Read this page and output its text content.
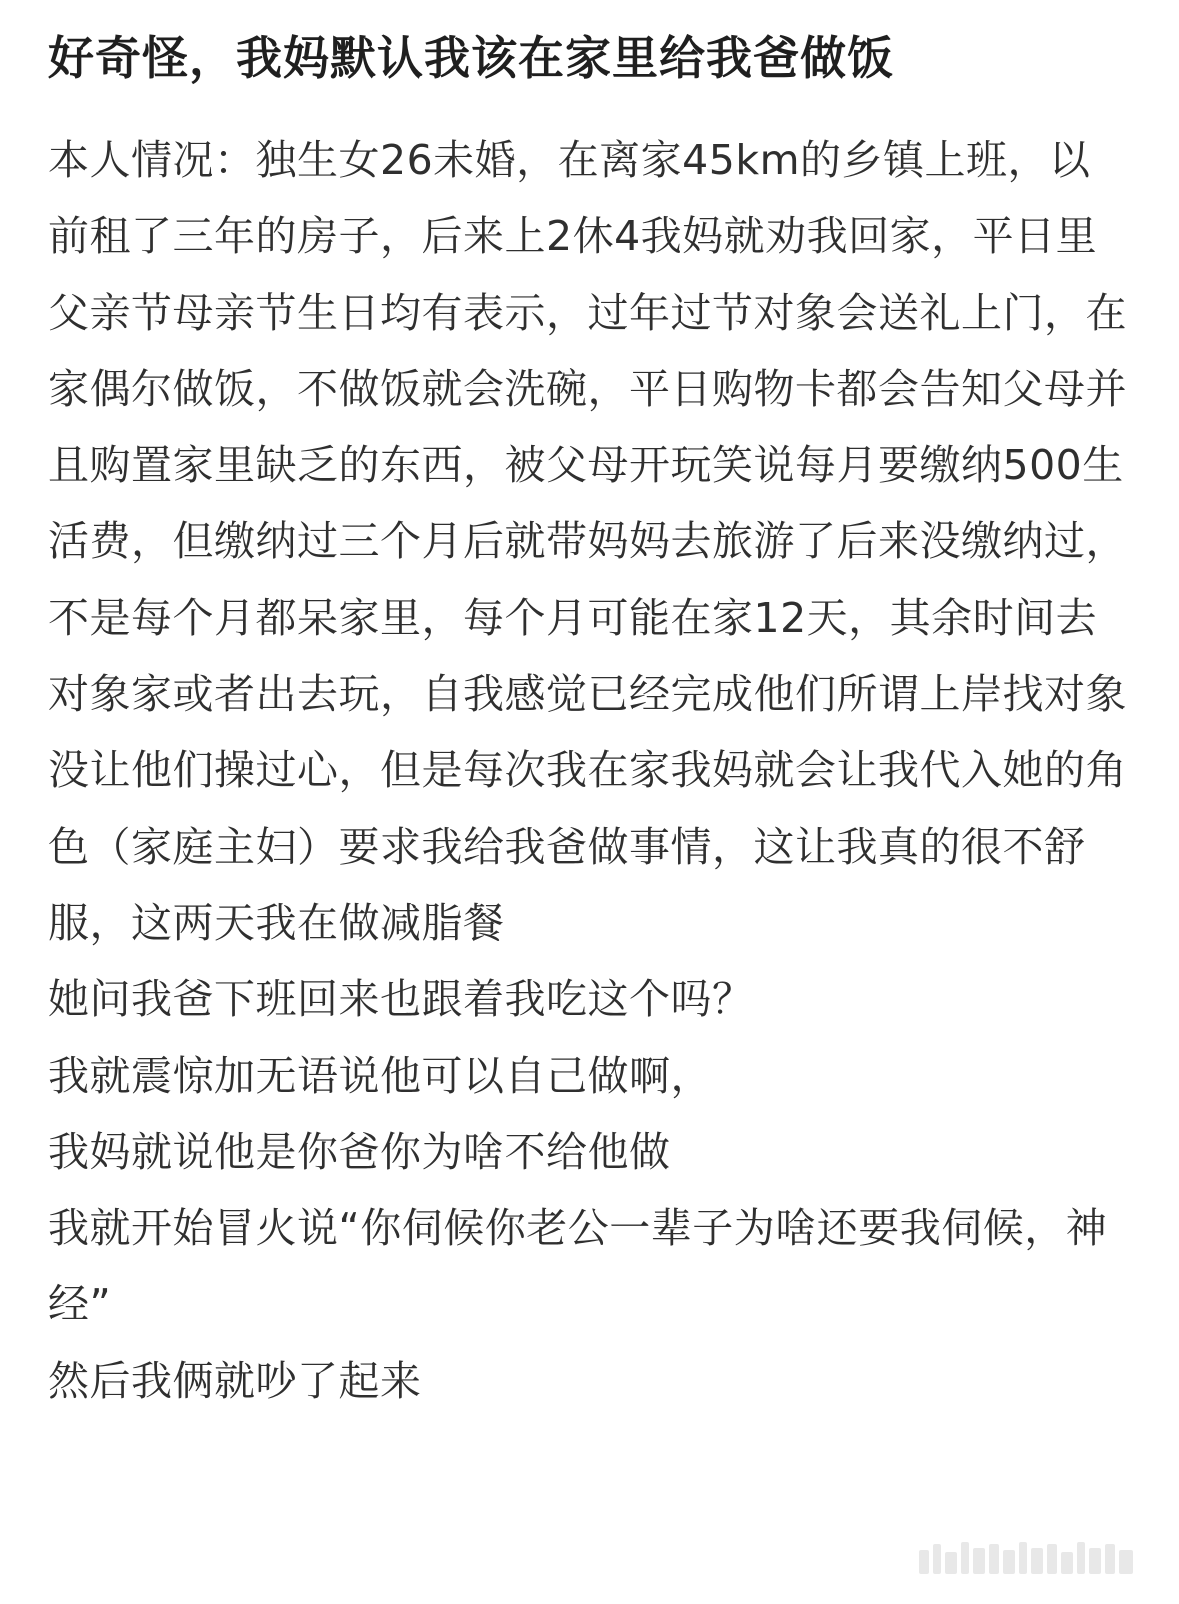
好奇怪，我妈默认我该在家里给我爸做饭

本人情况：独生女26未婚，在离家45km的乡镇上班，以前租了三年的房子，后来上2休4我妈就劝我回家，平日里父亲节母亲节生日均有表示，过年过节对象会送礼上门，在家偶尔做饭，不做饭就会洗碗，平日购物卡都会告知父母并且购置家里缺乏的东西，被父母开玩笑说每月要缴纳500生活费，但缴纳过三个月后就带妈妈去旅游了后来没缴纳过，不是每个月都呆家里，每个月可能在家12天，其余时间去对象家或者出去玩，自我感觉已经完成他们所谓上岸找对象没让他们操过心，但是每次我在家我妈就会让我代入她的角色（家庭主妇）要求我给我爸做事情，这让我真的很不舒服，这两天我在做减脂餐

她问我爸下班回来也跟着我吃这个吗？

我就震惊加无语说他可以自己做啊，

我妈就说他是你爸你为啥不给他做

我就开始冒火说“你伺候你老公一辈子为啥还要我伺候，神经”

然后我俩就吵了起来
